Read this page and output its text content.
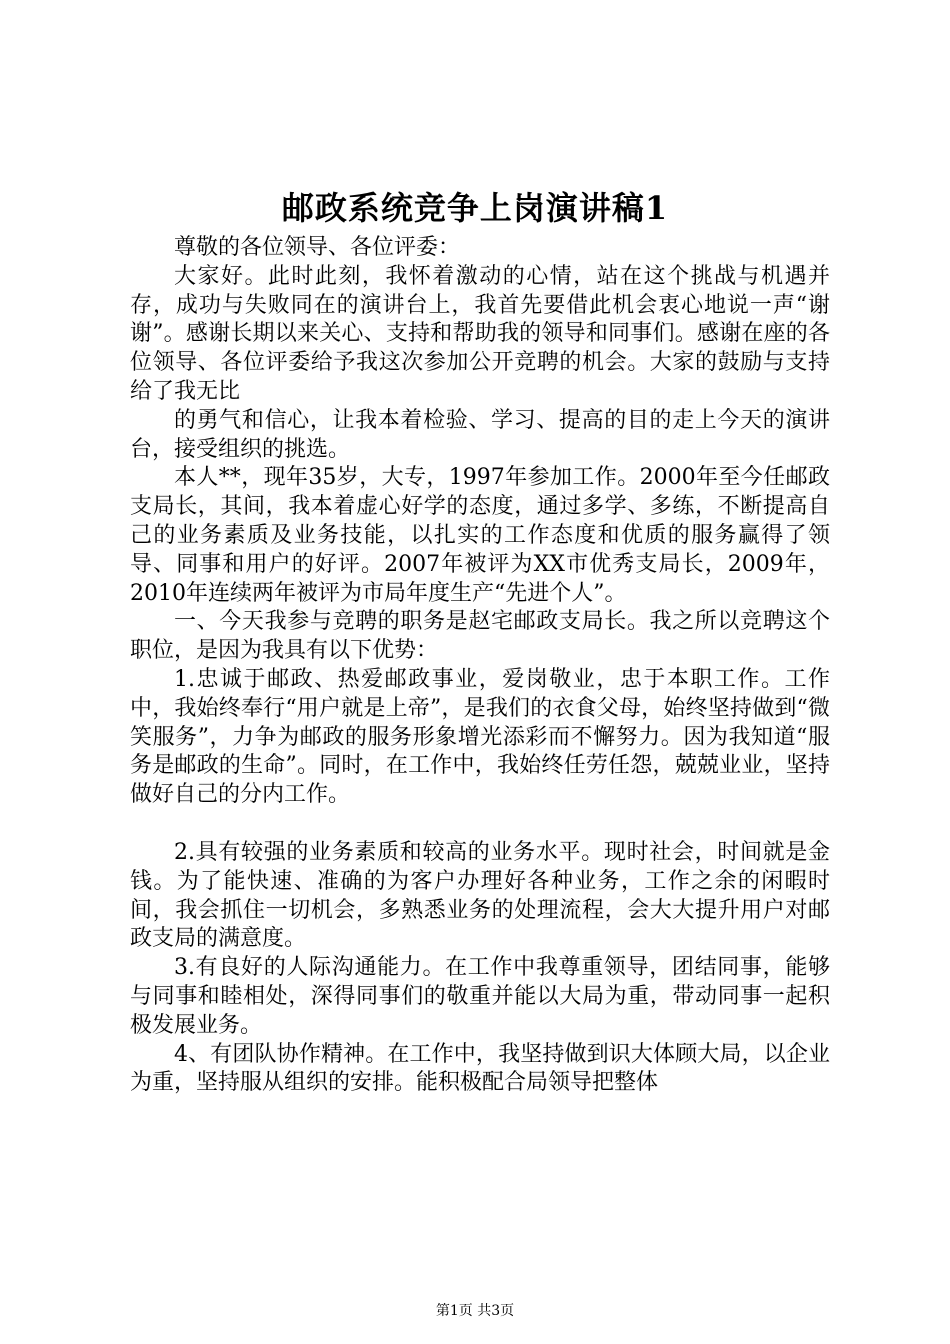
邮政系统竞争上岗演讲稿1

尊敬的各位领导、各位评委：

大家好。此时此刻，我怀着激动的心情，站在这个挑战与机遇并存，成功与失败同在的演讲台上，我首先要借此机会衷心地说一声“谢谢”。感谢长期以来关心、支持和帮助我的领导和同事们。感谢在座的各位领导、各位评委给予我这次参加公开竞聘的机会。大家的鼓励与支持给了我无比

的勇气和信心，让我本着检验、学习、提高的目的走上今天的演讲台，接受组织的挑选。

本人**，现年35岁，大专，1997年参加工作。2000年至今任邮政支局长，其间，我本着虚心好学的态度，通过多学、多练，不断提高自己的业务素质及业务技能，以扎实的工作态度和优质的服务赢得了领导、同事和用户的好评。2007年被评为XX市优秀支局长，2009年，2010年连续两年被评为市局年度生产“先进个人”。

一、今天我参与竞聘的职务是赵宅邮政支局长。我之所以竞聘这个职位，是因为我具有以下优势：

1.忠诚于邮政、热爱邮政事业，爱岗敬业，忠于本职工作。工作中，我始终奉行“用户就是上帝”，是我们的衣食父母，始终坚持做到“微笑服务”，力争为邮政的服务形象增光添彩而不懈努力。因为我知道“服务是邮政的生命”。同时，在工作中，我始终任劳任怨，兢兢业业，坚持做好自己的分内工作。

2.具有较强的业务素质和较高的业务水平。现时社会，时间就是金钱。为了能快速、准确的为客户办理好各种业务，工作之余的闲暇时间，我会抓住一切机会，多熟悉业务的处理流程，会大大提升用户对邮政支局的满意度。

3.有良好的人际沟通能力。在工作中我尊重领导，团结同事，能够与同事和睦相处，深得同事们的敬重并能以大局为重，带动同事一起积极发展业务。

4、有团队协作精神。在工作中，我坚持做到识大体顾大局，以企业为重，坚持服从组织的安排。能积极配合局领导把整体

第1页 共3页
